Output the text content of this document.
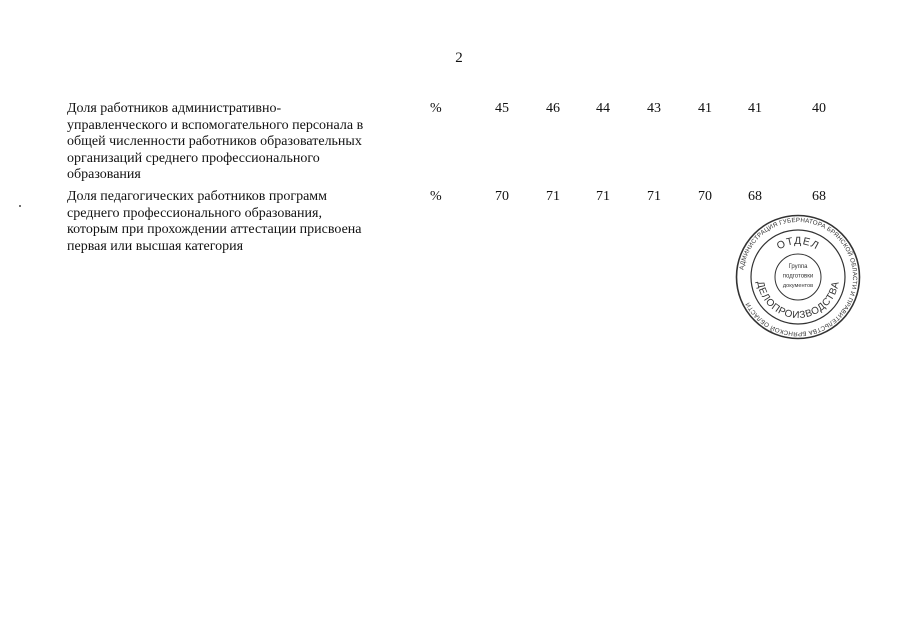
2
Доля работников административно-
управленческого и вспомогательного персонала в
общей численности работников образовательных
организаций среднего профессионального
образования
%	45	46	44	43	41	41	40
Доля педагогических работников программ
среднего профессионального образования,
которым при прохождении аттестации присвоена
первая или высшая категория
%	70	71	71	71	70	68	68
АДМИНИСТРАЦИЯ ГУБЕРНАТОРА БРЯНСКОЙ ОБЛАСТИ И ПРАВИТЕЛЬСТВА БРЯНСКОЙ ОБЛАСТИ
ОТДЕЛ
ДЕЛОПРОИЗВОДСТВА
Группа
подготовки
документов
